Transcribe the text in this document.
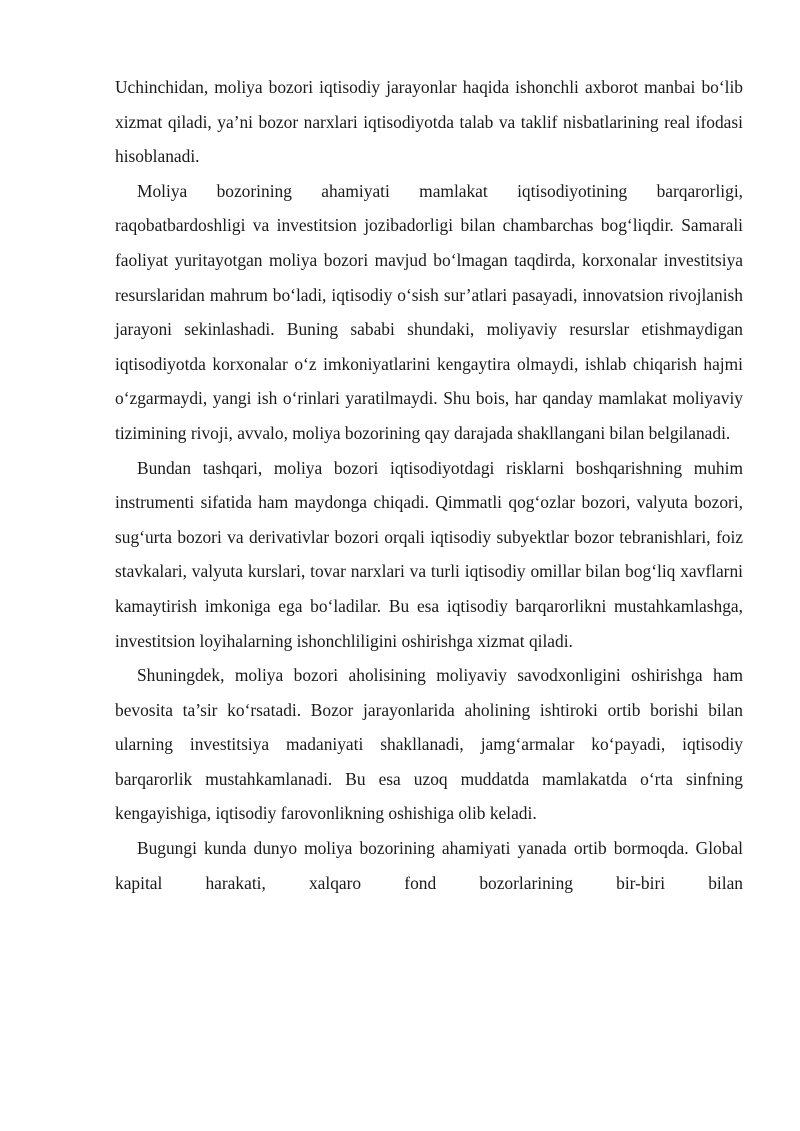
Uchinchidan, moliya bozori iqtisodiy jarayonlar haqida ishonchli axborot manbai bo‘lib xizmat qiladi, ya’ni bozor narxlari iqtisodiyotda talab va taklif nisbatlarining real ifodasi hisoblanadi.

Moliya bozorining ahamiyati mamlakat iqtisodiyotining barqarorligi, raqobatbardoshligi va investitsion jozibadorligi bilan chambarchas bog‘liqdir. Samarali faoliyat yuritayotgan moliya bozori mavjud bo‘lmagan taqdirda, korxonalar investitsiya resurslaridan mahrum bo‘ladi, iqtisodiy o‘sish sur’atlari pasayadi, innovatsion rivojlanish jarayoni sekinlashadi. Buning sababi shundaki, moliyaviy resurslar etishmaydigan iqtisodiyotda korxonalar o‘z imkoniyatlarini kengaytira olmaydi, ishlab chiqarish hajmi o‘zgarmaydi, yangi ish o‘rinlari yaratilmaydi. Shu bois, har qanday mamlakat moliyaviy tizimining rivoji, avvalo, moliya bozorining qay darajada shakllangani bilan belgilanadi.

Bundan tashqari, moliya bozori iqtisodiyotdagi risklarni boshqarishning muhim instrumenti sifatida ham maydonga chiqadi. Qimmatli qog‘ozlar bozori, valyuta bozori, sug‘urta bozori va derivativlar bozori orqali iqtisodiy subyektlar bozor tebranishlari, foiz stavkalari, valyuta kurslari, tovar narxlari va turli iqtisodiy omillar bilan bog‘liq xavflarni kamaytirish imkoniga ega bo‘ladilar. Bu esa iqtisodiy barqarorlikni mustahkamlashga, investitsion loyihalarning ishonchliligini oshirishga xizmat qiladi.

Shuningdek, moliya bozori aholisining moliyaviy savodxonligini oshirishga ham bevosita ta’sir ko‘rsatadi. Bozor jarayonlarida aholining ishtiroki ortib borishi bilan ularning investitsiya madaniyati shakllanadi, jamg‘armalar ko‘payadi, iqtisodiy barqarorlik mustahkamlanadi. Bu esa uzoq muddatda mamlakatda o‘rta sinfning kengayishiga, iqtisodiy farovonlikning oshishiga olib keladi.

Bugungi kunda dunyo moliya bozorining ahamiyati yanada ortib bormoqda. Global kapital harakati, xalqaro fond bozorlarining bir-biri bilan
